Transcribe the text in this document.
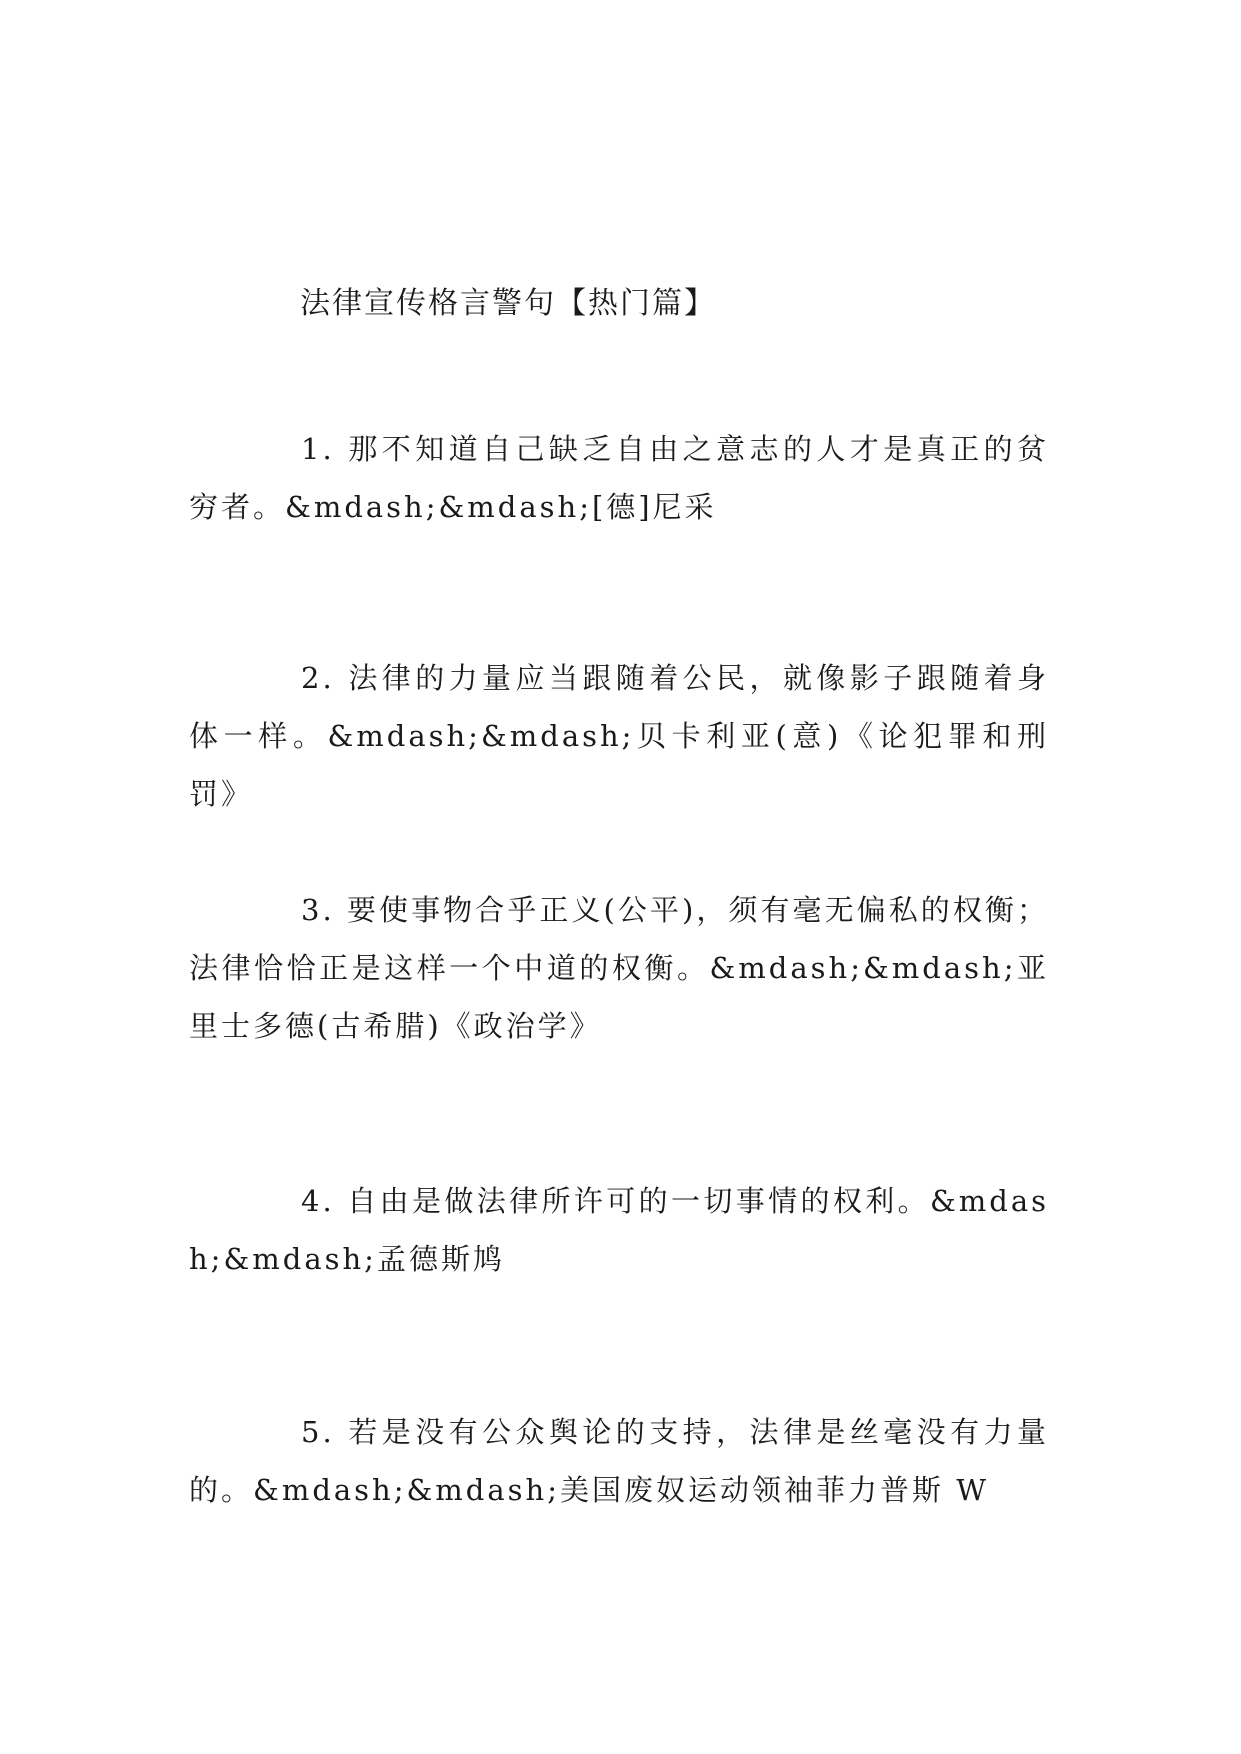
法律宣传格言警句【热门篇】

1. 那不知道自己缺乏自由之意志的人才是真正的贫穷者。&mdash;&mdash;[德]尼采

2. 法律的力量应当跟随着公民，就像影子跟随着身体一样。&mdash;&mdash;贝卡利亚(意)《论犯罪和刑罚》

3. 要使事物合乎正义(公平)，须有毫无偏私的权衡；法律恰恰正是这样一个中道的权衡。&mdash;&mdash;亚里士多德(古希腊)《政治学》

4. 自由是做法律所许可的一切事情的权利。&mdash;&mdash;孟德斯鸠

5. 若是没有公众舆论的支持，法律是丝毫没有力量的。&mdash;&mdash;美国废奴运动领袖菲力普斯 W
